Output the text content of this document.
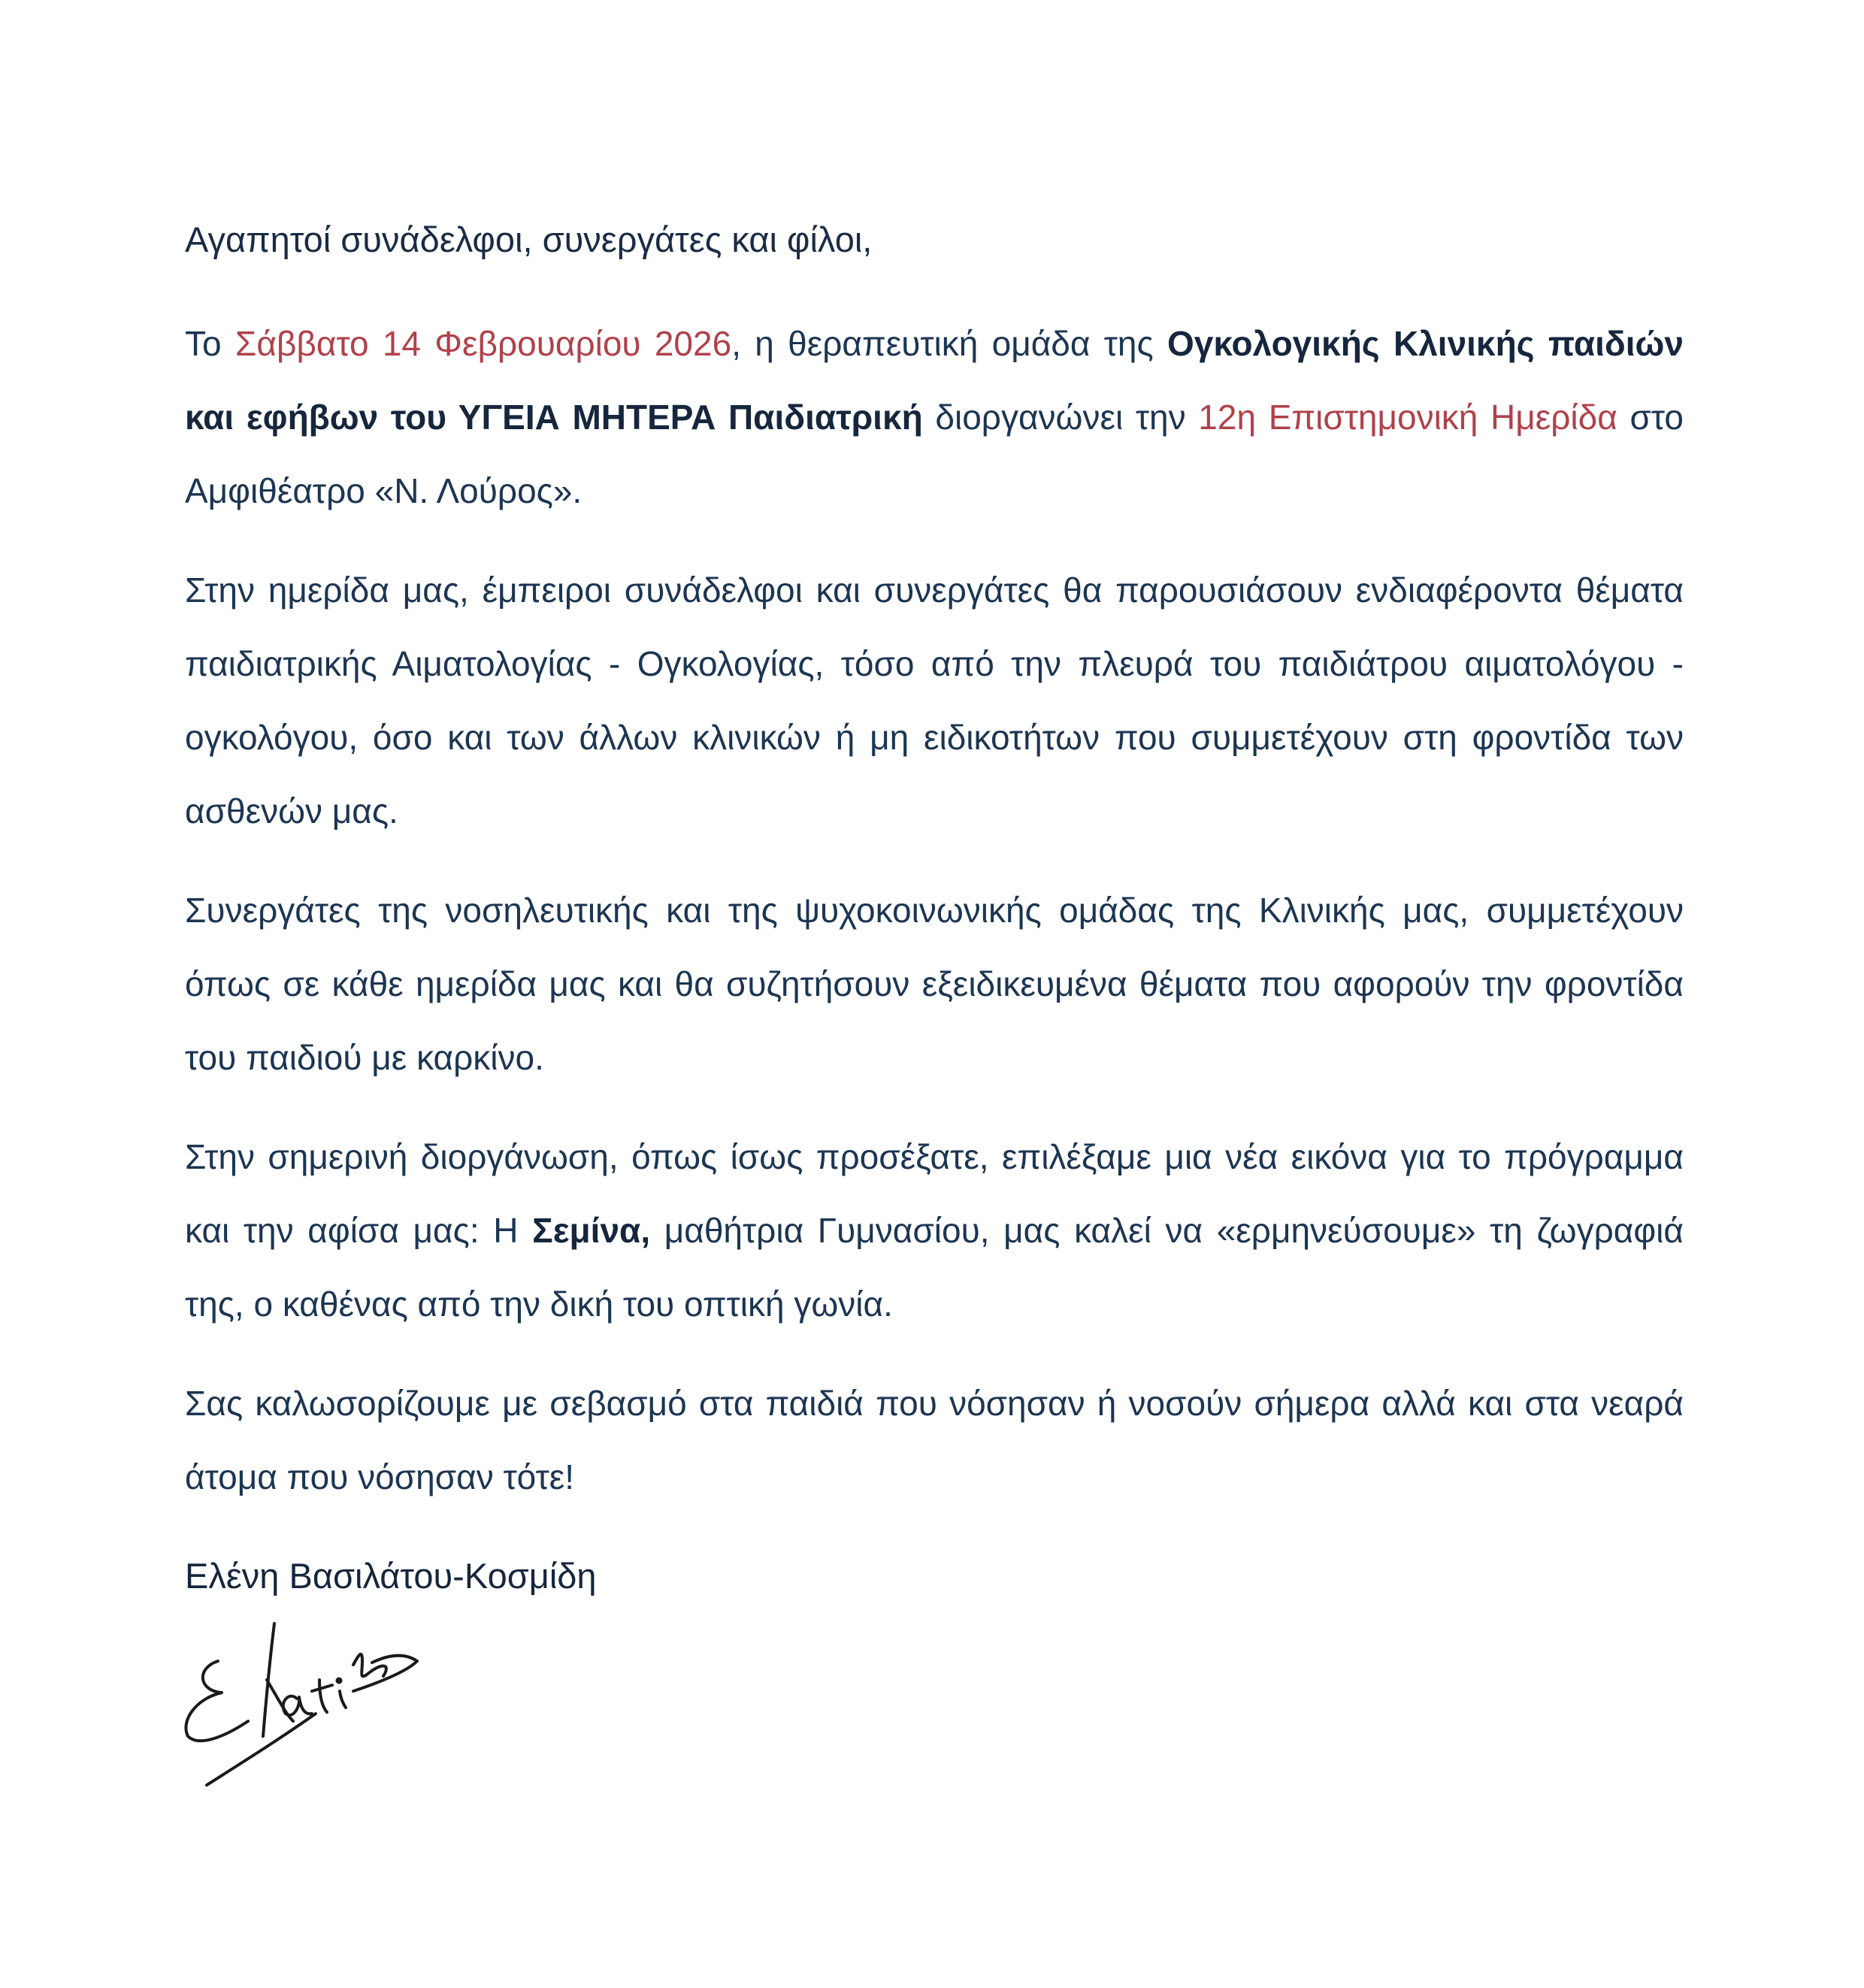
Αγαπητοί συνάδελφοι, συνεργάτες και φίλοι,

Το Σάββατο 14 Φεβρουαρίου 2026, η θεραπευτική ομάδα της Ογκολογικής Κλινικής παιδιών και εφήβων του ΥΓΕΙΑ ΜΗΤΕΡΑ Παιδιατρική διοργανώνει την 12η Επιστημονική Ημερίδα στο Αμφιθέατρο «Ν. Λούρος».

Στην ημερίδα μας, έμπειροι συνάδελφοι και συνεργάτες θα παρουσιάσουν ενδιαφέροντα θέματα παιδιατρικής Αιματολογίας - Ογκολογίας, τόσο από την πλευρά του παιδιάτρου αιματολόγου - ογκολόγου, όσο και των άλλων κλινικών ή μη ειδικοτήτων που συμμετέχουν στη φροντίδα των ασθενών μας.

Συνεργάτες της νοσηλευτικής και της ψυχοκοινωνικής ομάδας της Κλινικής μας, συμμετέχουν όπως σε κάθε ημερίδα μας και θα συζητήσουν εξειδικευμένα θέματα που αφορούν την φροντίδα του παιδιού με καρκίνο.

Στην σημερινή διοργάνωση, όπως ίσως προσέξατε, επιλέξαμε μια νέα εικόνα για το πρόγραμμα και την αφίσα μας: Η Σεμίνα, μαθήτρια Γυμνασίου, μας καλεί να «ερμηνεύσουμε» τη ζωγραφιά της, ο καθένας από την δική του οπτική γωνία.

Σας καλωσορίζουμε με σεβασμό στα παιδιά που νόσησαν ή νοσούν σήμερα αλλά και στα νεαρά άτομα που νόσησαν τότε!

Ελένη Βασιλάτου-Κοσμίδη
